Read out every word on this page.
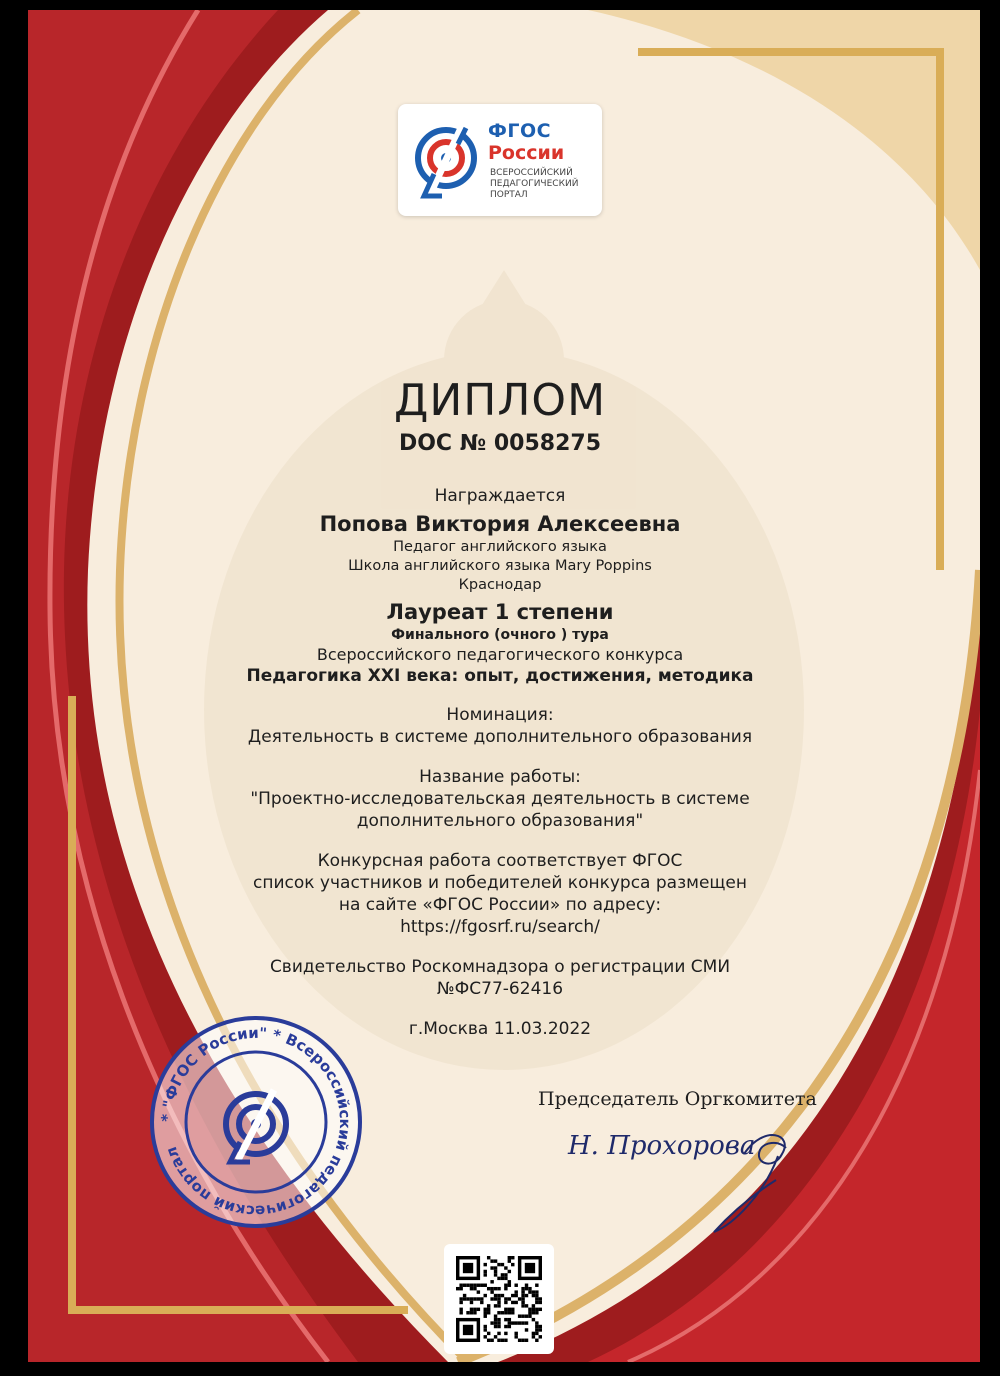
ФГОС
России
ВСЕРОССИЙСКИЙ
ПЕДАГОГИЧЕСКИЙ
ПОРТАЛ
ДИПЛОМ
DOC № 0058275
Награждается
Попова Виктория Алексеевна
Педагог английского языка
Школа английского языка Mary Poppins
Краснодар
Лауреат 1 степени
Финального (очного ) тура
Всероссийского педагогического конкурса
Педагогика XXI века: опыт, достижения, методика
Номинация:
Деятельность в системе дополнительного образования
Название работы:
"Проектно-исследовательская деятельность в системе
дополнительного образования"
Конкурсная работа соответствует ФГОС
список участников и победителей конкурса размещен
на сайте «ФГОС России» по адресу:
https://fgosrf.ru/search/
Свидетельство Роскомнадзора о регистрации СМИ
№ФС77-62416
г.Москва 11.03.2022
* "ФГОС России" * Всероссийский педагогический портал
Председатель Оргкомитета
Н. Прохорова
